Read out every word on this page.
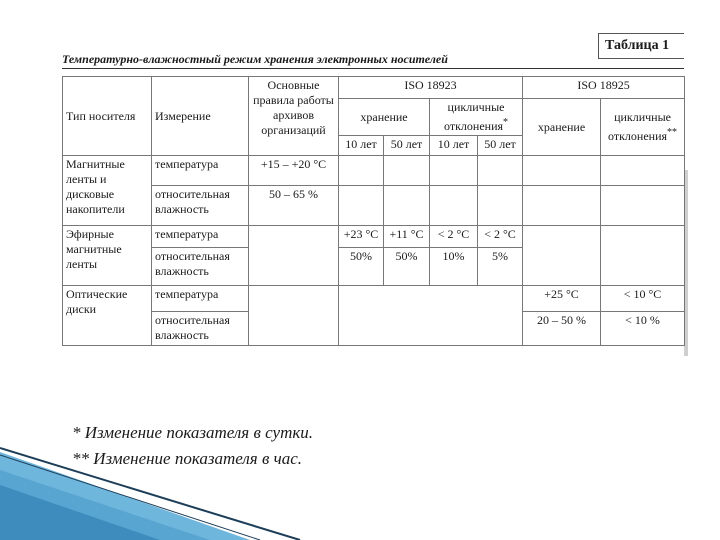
Таблица 1
Температурно-влажностный режим хранения электронных носителей
Тип носителя	Измерение	Основные правила работы архивов организаций	ISO 18923				ISO 18925	
			хранение		цикличные отклонения*		хранение	цикличные отклонения**
			10 лет	50 лет	10 лет	50 лет		
Магнитные ленты и дисковые накопители	температура	+15 – +20 °С						
	относительная влажность	50 – 65 %						
Эфирные магнитные ленты	температура		+23 °С	+11 °С	< 2 °С	< 2 °С		
	относительная влажность		50%	50%	10%	5%		
Оптические диски	температура						+25 °С	< 10 °С
	относительная влажность						20 – 50 %	< 10 %
* Изменение показателя в сутки.
** Изменение показателя в час.
